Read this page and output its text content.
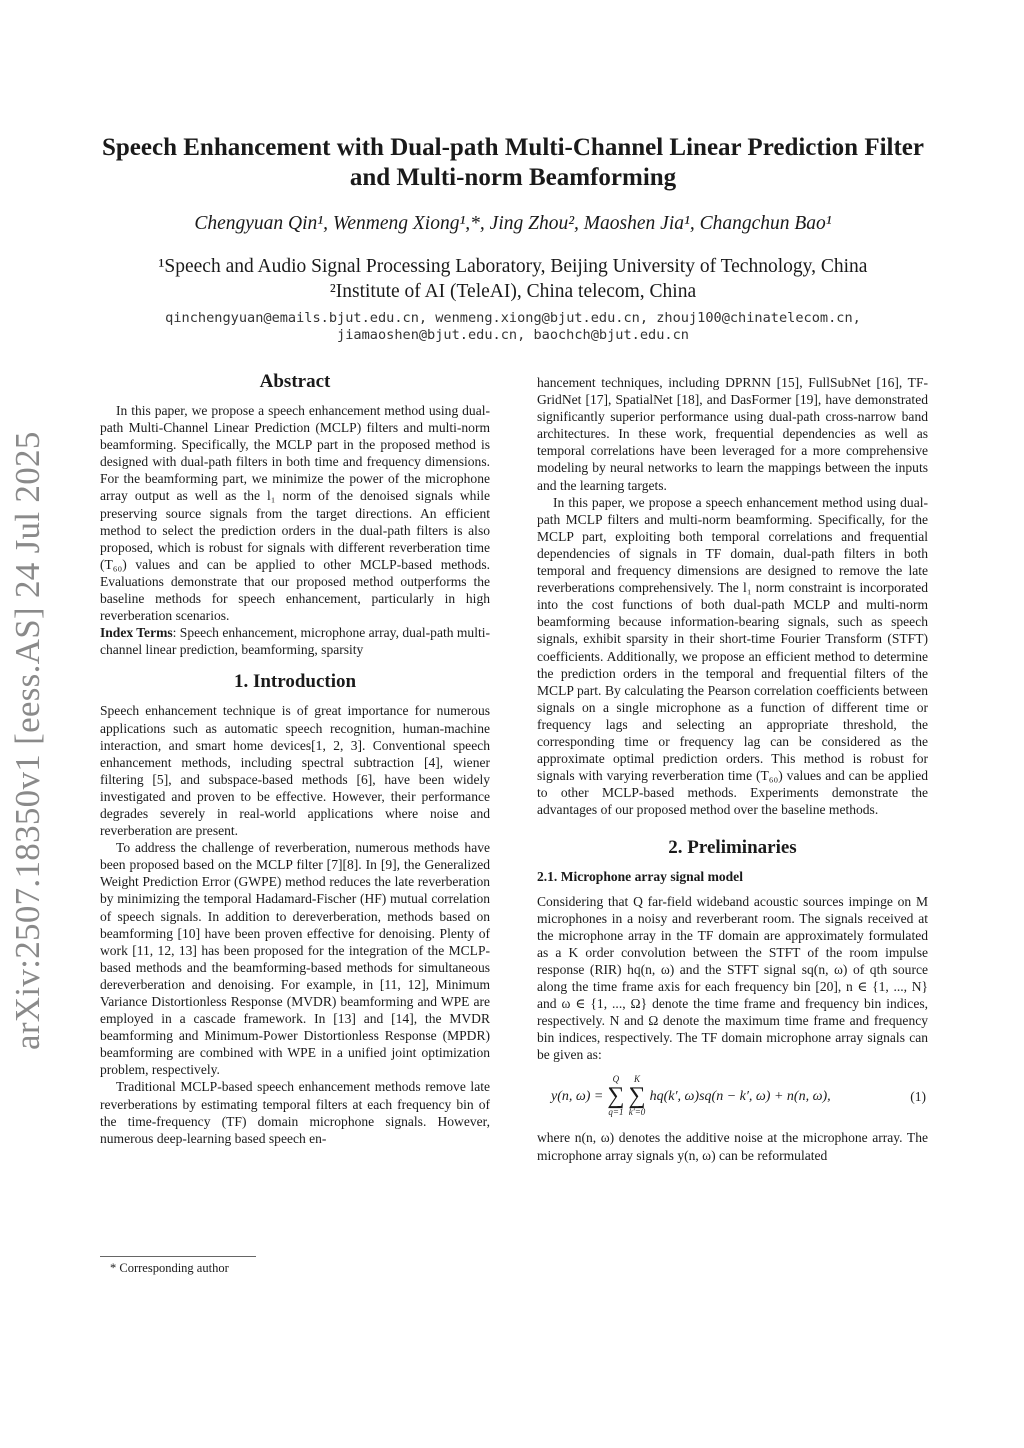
arXiv:2507.18350v1 [eess.AS] 24 Jul 2025
Speech Enhancement with Dual-path Multi-Channel Linear Prediction Filter and Multi-norm Beamforming
Chengyuan Qin¹, Wenmeng Xiong¹,*, Jing Zhou², Maoshen Jia¹, Changchun Bao¹
¹Speech and Audio Signal Processing Laboratory, Beijing University of Technology, China
²Institute of AI (TeleAI), China telecom, China
qinchengyuan@emails.bjut.edu.cn, wenmeng.xiong@bjut.edu.cn, zhouj100@chinatelecom.cn,
jiamaoshen@bjut.edu.cn, baochch@bjut.edu.cn
Abstract

In this paper, we propose a speech enhancement method using dual-path Multi-Channel Linear Prediction (MCLP) filters and multi-norm beamforming. Specifically, the MCLP part in the proposed method is designed with dual-path filters in both time and frequency dimensions. For the beamforming part, we minimize the power of the microphone array output as well as the l₁ norm of the denoised signals while preserving source signals from the target directions. An efficient method to select the prediction orders in the dual-path filters is also proposed, which is robust for signals with different reverberation time (T₆₀) values and can be applied to other MCLP-based methods. Evaluations demonstrate that our proposed method outperforms the baseline methods for speech enhancement, particularly in high reverberation scenarios.

Index Terms: Speech enhancement, microphone array, dual-path multi-channel linear prediction, beamforming, sparsity

1. Introduction

Speech enhancement technique is of great importance for numerous applications such as automatic speech recognition, human-machine interaction, and smart home devices[1, 2, 3]. Conventional speech enhancement methods, including spectral subtraction [4], wiener filtering [5], and subspace-based methods [6], have been widely investigated and proven to be effective. However, their performance degrades severely in real-world applications where noise and reverberation are present.

To address the challenge of reverberation, numerous methods have been proposed based on the MCLP filter [7][8]. In [9], the Generalized Weight Prediction Error (GWPE) method reduces the late reverberation by minimizing the temporal Hadamard-Fischer (HF) mutual correlation of speech signals. In addition to dereverberation, methods based on beamforming [10] have been proven effective for denoising. Plenty of work [11, 12, 13] has been proposed for the integration of the MCLP-based methods and the beamforming-based methods for simultaneous dereverberation and denoising. For example, in [11, 12], Minimum Variance Distortionless Response (MVDR) beamforming and WPE are employed in a cascade framework. In [13] and [14], the MVDR beamforming and Minimum-Power Distortionless Response (MPDR) beamforming are combined with WPE in a unified joint optimization problem, respectively.

Traditional MCLP-based speech enhancement methods remove late reverberations by estimating temporal filters at each frequency bin of the time-frequency (TF) domain microphone signals. However, numerous deep-learning based speech en-

hancement techniques, including DPRNN [15], FullSubNet [16], TF-GridNet [17], SpatialNet [18], and DasFormer [19], have demonstrated significantly superior performance using dual-path cross-narrow band architectures. In these work, frequential dependencies as well as temporal correlations have been leveraged for a more comprehensive modeling by neural networks to learn the mappings between the inputs and the learning targets.

In this paper, we propose a speech enhancement method using dual-path MCLP filters and multi-norm beamforming. Specifically, for the MCLP part, exploiting both temporal correlations and frequential dependencies of signals in TF domain, dual-path filters in both temporal and frequency dimensions are designed to remove the late reverberations comprehensively. The l₁ norm constraint is incorporated into the cost functions of both dual-path MCLP and multi-norm beamforming because information-bearing signals, such as speech signals, exhibit sparsity in their short-time Fourier Transform (STFT) coefficients. Additionally, we propose an efficient method to determine the prediction orders in the temporal and frequential filters of the MCLP part. By calculating the Pearson correlation coefficients between signals on a single microphone as a function of different time or frequency lags and selecting an appropriate threshold, the corresponding time or frequency lag can be considered as the approximate optimal prediction orders. This method is robust for signals with varying reverberation time (T₆₀) values and can be applied to other MCLP-based methods. Experiments demonstrate the advantages of our proposed method over the baseline methods.

2. Preliminaries
2.1. Microphone array signal model

Considering that Q far-field wideband acoustic sources impinge on M microphones in a noisy and reverberant room. The signals received at the microphone array in the TF domain are approximately formulated as a K order convolution between the STFT of the room impulse response (RIR) hq(n, ω) and the STFT signal sq(n, ω) of qth source along the time frame axis for each frequency bin [20], n ∈ {1, ..., N} and ω ∈ {1, ..., Ω} denote the time frame and frequency bin indices, respectively. N and Ω denote the maximum time frame and frequency bin indices, respectively. The TF domain microphone array signals can be given as:

y(n, ω) =
Q
∑
q=1
K
∑
k′=0
hq(k′, ω)sq(n − k′, ω) + n(n, ω),	(1)

where n(n, ω) denotes the additive noise at the microphone array. The microphone array signals y(n, ω) can be reformulated

* Corresponding author
